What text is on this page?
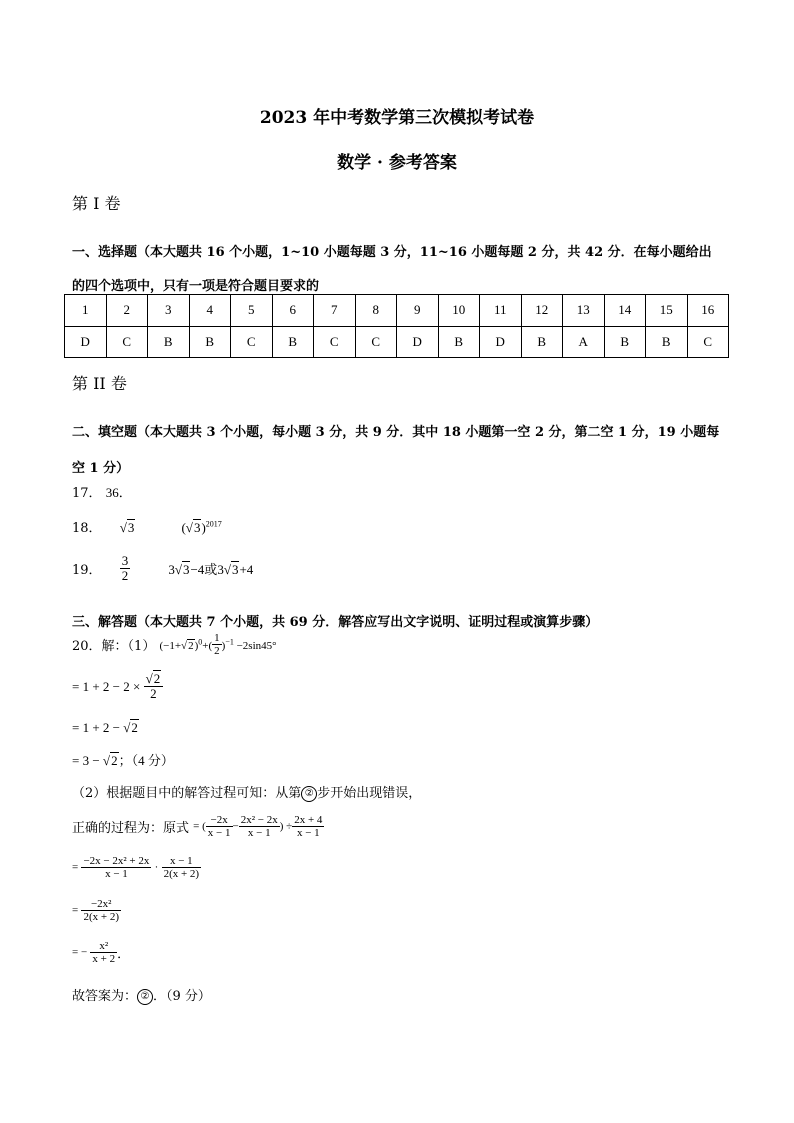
2023 年中考数学第三次模拟考试卷
数学 · 参考答案
第 I 卷
一、选择题（本大题共 16 个小题，1~10 小题每题 3 分，11~16 小题每题 2 分，共 42 分．在每小题给出
的四个选项中，只有一项是符合题目要求的
1	2	3	4	5	6	7	8	9	10	11	12	13	14	15	16
D	C	B	B	C	B	C	C	D	B	D	B	A	B	B	C
第 II 卷
二、填空题（本大题共 3 个小题，每小题 3 分，共 9 分．其中 18 小题第一空 2 分，第二空 1 分，19 小题每
空 1 分）
17． 36．
18． √3	$(√3)^{2017}$
19． $\frac{3}{2}$	3√3−4或3√3+4
三、解答题（本大题共 7 个小题，共 69 分．解答应写出文字说明、证明过程或演算步骤）
20．解：（1） $(-1+√2)^0+( \frac{1}{2} )^{-1} -2\sin 45^\circ$
= $1 + 2 - 2 \times \frac{√2}{2}$
= 1 + 2 − √2
= 3 − √2；（4 分）
（2）根据题目中的解答过程可知：从第 ② 步开始出现错误，
正确的过程为：原式 = ( $\frac{-2x}{x - 1} - \frac{\text{2x² − 2x}}{x - 1}$ ) ÷ $\frac{2x + 4}{x - 1}$
= $\frac{\text{−2x − 2x² + 2x}}{x - 1} \cdot \frac{x - 1}{2(x + 2)}$
= $\frac{\text{−2x²}}{2(x + 2)}$
= − $\frac{\text{x²}}{x + 2}$ ．
故答案为： ② ．（9 分）
